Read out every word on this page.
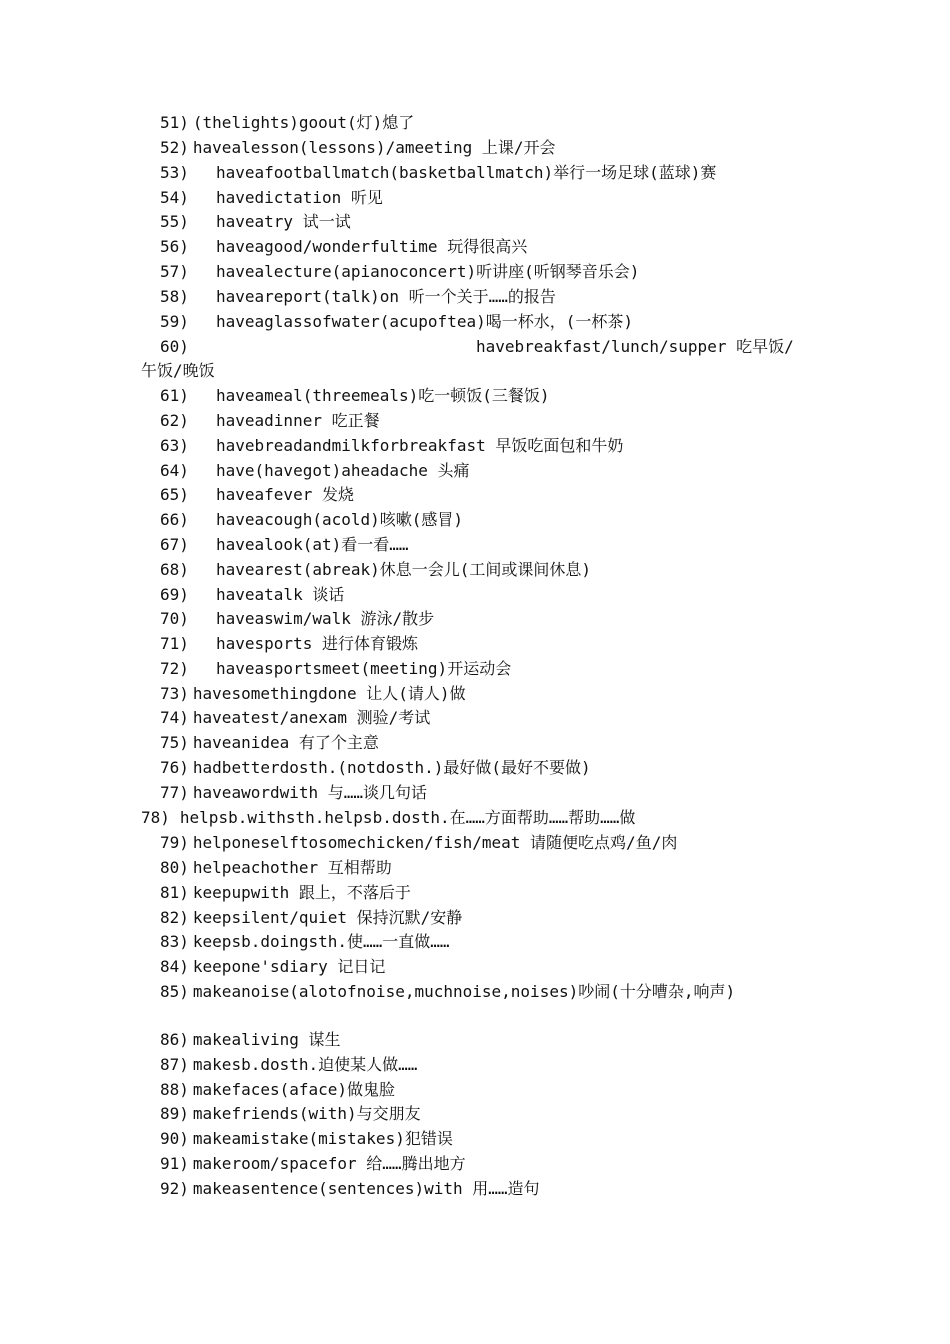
51) (thelights)goout(灯)熄了
52) havealesson(lessons)/ameeting 上课/开会
53) haveafootballmatch(basketballmatch)举行一场足球(蓝球)赛
54) havedictation 听见
55) haveatry 试一试
56) haveagood/wonderfultime 玩得很高兴
57) havealecture(apianoconcert)听讲座(听钢琴音乐会)
58) haveareport(talk)on 听一个关于……的报告
59) haveaglassofwater(acupoftea)喝一杯水，(一杯茶)
60)	havebreakfast/lunch/supper 吃早饭/
午饭/晚饭
61) haveameal(threemeals)吃一顿饭(三餐饭)
62) haveadinner 吃正餐
63) havebreadandmilkforbreakfast 早饭吃面包和牛奶
64) have(havegot)aheadache 头痛
65) haveafever 发烧
66) haveacough(acold)咳嗽(感冒)
67) havealook(at)看一看……
68) havearest(abreak)休息一会儿(工间或课间休息)
69) haveatalk 谈话
70) haveaswim/walk 游泳/散步
71) havesports 进行体育锻炼
72) haveasportsmeet(meeting)开运动会
73) havesomethingdone 让人(请人)做
74) haveatest/anexam 测验/考试
75) haveanidea 有了个主意
76) hadbetterdosth.(notdosth.)最好做(最好不要做)
77) haveawordwith 与……谈几句话
78) helpsb.withsth.helpsb.dosth.在……方面帮助……帮助……做
79) helponeselftosomechicken/fish/meat 请随便吃点鸡/鱼/肉
80) helpeachother 互相帮助
81) keepupwith 跟上，不落后于
82) keepsilent/quiet 保持沉默/安静
83) keepsb.doingsth.使……一直做……
84) keepone'sdiary 记日记
85) makeanoise(alotofnoise,muchnoise,noises)吵闹(十分嘈杂,响声)
86) makealiving 谋生
87) makesb.dosth.迫使某人做……
88) makefaces(aface)做鬼脸
89) makefriends(with)与交朋友
90) makeamistake(mistakes)犯错误
91) makeroom/spacefor 给……腾出地方
92) makeasentence(sentences)with 用……造句
